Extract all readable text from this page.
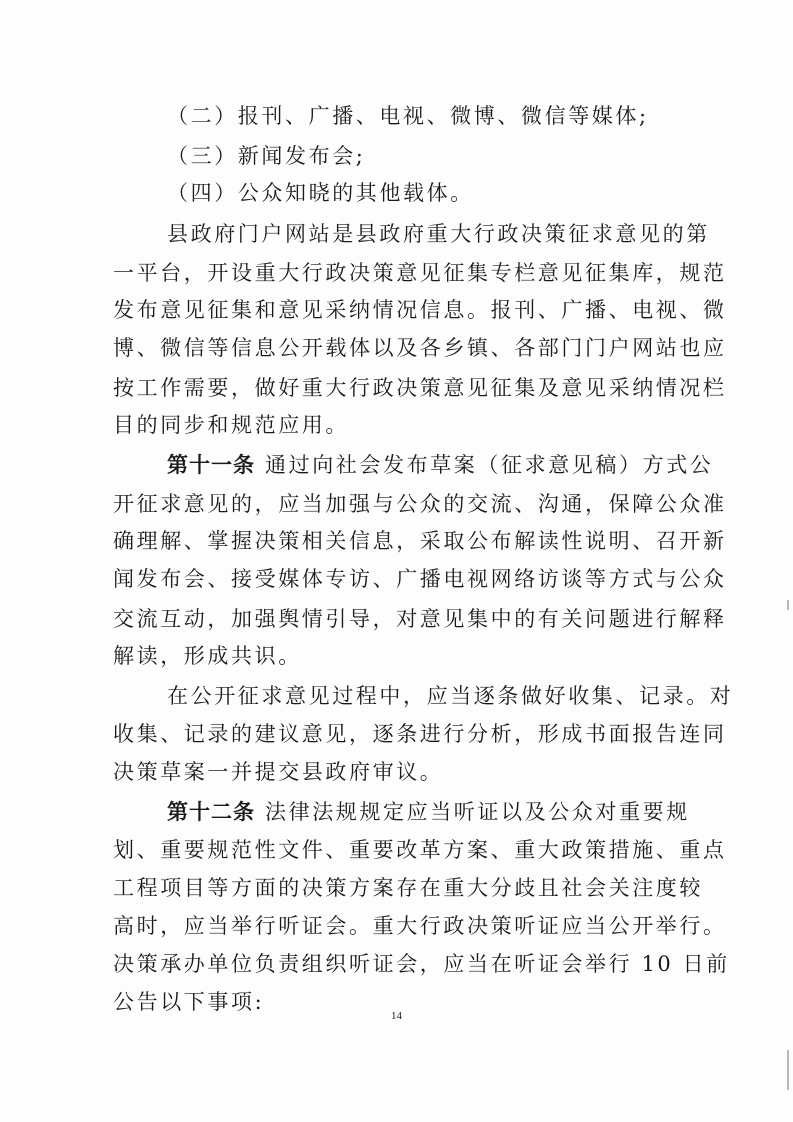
（二）报刊、广播、电视、微博、微信等媒体;
（三）新闻发布会;
（四）公众知晓的其他载体。
县政府门户网站是县政府重大行政决策征求意见的第
一平台，开设重大行政决策意见征集专栏意见征集库，规范
发布意见征集和意见采纳情况信息。报刊、广播、电视、微
博、微信等信息公开载体以及各乡镇、各部门门户网站也应
按工作需要，做好重大行政决策意见征集及意见采纳情况栏
目的同步和规范应用。
第十一条 通过向社会发布草案（征求意见稿）方式公
开征求意见的，应当加强与公众的交流、沟通，保障公众准
确理解、掌握决策相关信息，采取公布解读性说明、召开新
闻发布会、接受媒体专访、广播电视网络访谈等方式与公众
交流互动，加强舆情引导，对意见集中的有关问题进行解释
解读，形成共识。
在公开征求意见过程中，应当逐条做好收集、记录。对
收集、记录的建议意见，逐条进行分析，形成书面报告连同
决策草案一并提交县政府审议。
第十二条 法律法规规定应当听证以及公众对重要规
划、重要规范性文件、重要改革方案、重大政策措施、重点
工程项目等方面的决策方案存在重大分歧且社会关注度较
高时，应当举行听证会。重大行政决策听证应当公开举行。
决策承办单位负责组织听证会，应当在听证会举行 10 日前
公告以下事项:
14
